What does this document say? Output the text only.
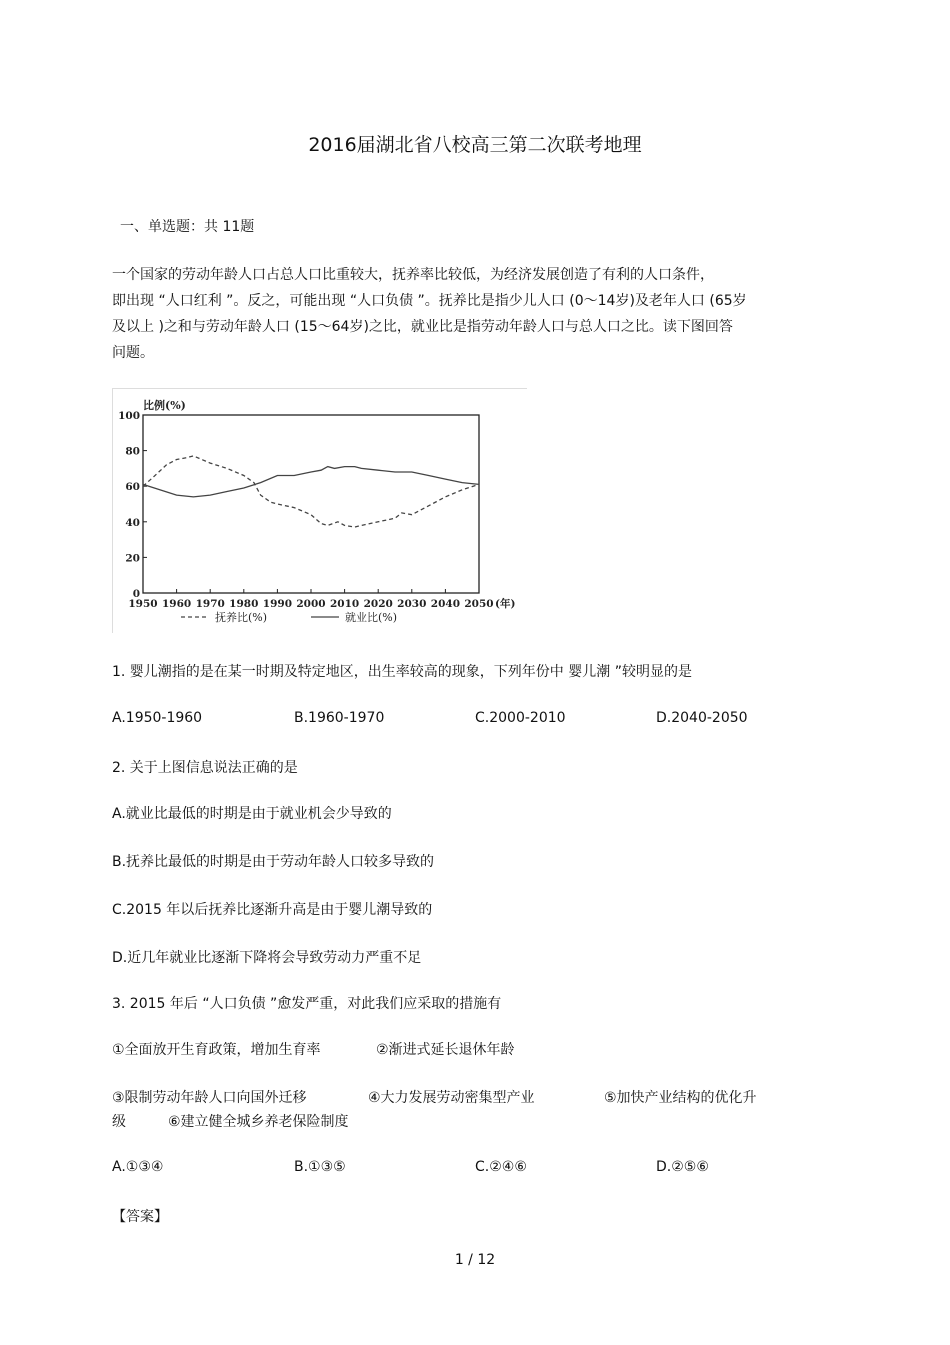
2016届湖北省八校高三第二次联考地理
一、单选题：共 11题
一个国家的劳动年龄人口占总人口比重较大，抚养率比较低，为经济发展创造了有利的人口条件，
即出现 “人口红利 ”。反之，可能出现 “人口负债 ”。抚养比是指少儿人口 (0～14岁)及老年人口 (65岁
及以上 )之和与劳动年龄人口 (15～64岁)之比，就业比是指劳动年龄人口与总人口之比。读下图回答
问题。
比例(%)
0
20
40
60
80
100
1950 1960 1970 1980 1990 2000 2010 2020 2030 2040 2050 (年)
抚养比(%)	就业比(%)
1. 婴儿潮指的是在某一时期及特定地区，出生率较高的现象，下列年份中 婴儿潮 ”较明显的是
A.1950-1960	B.1960-1970	C.2000-2010	D.2040-2050
2. 关于上图信息说法正确的是
A.就业比最低的时期是由于就业机会少导致的
B.抚养比最低的时期是由于劳动年龄人口较多导致的
C.2015 年以后抚养比逐渐升高是由于婴儿潮导致的
D.近几年就业比逐渐下降将会导致劳动力严重不足
3. 2015 年后 “人口负债 ”愈发严重，对此我们应采取的措施有
①全面放开生育政策，增加生育率	②渐进式延长退休年龄
③限制劳动年龄人口向国外迁移	④大力发展劳动密集型产业	⑤加快产业结构的优化升
级	⑥建立健全城乡养老保险制度
A.①③④	B.①③⑤	C.②④⑥	D.②⑤⑥
【答案】
1 / 12
